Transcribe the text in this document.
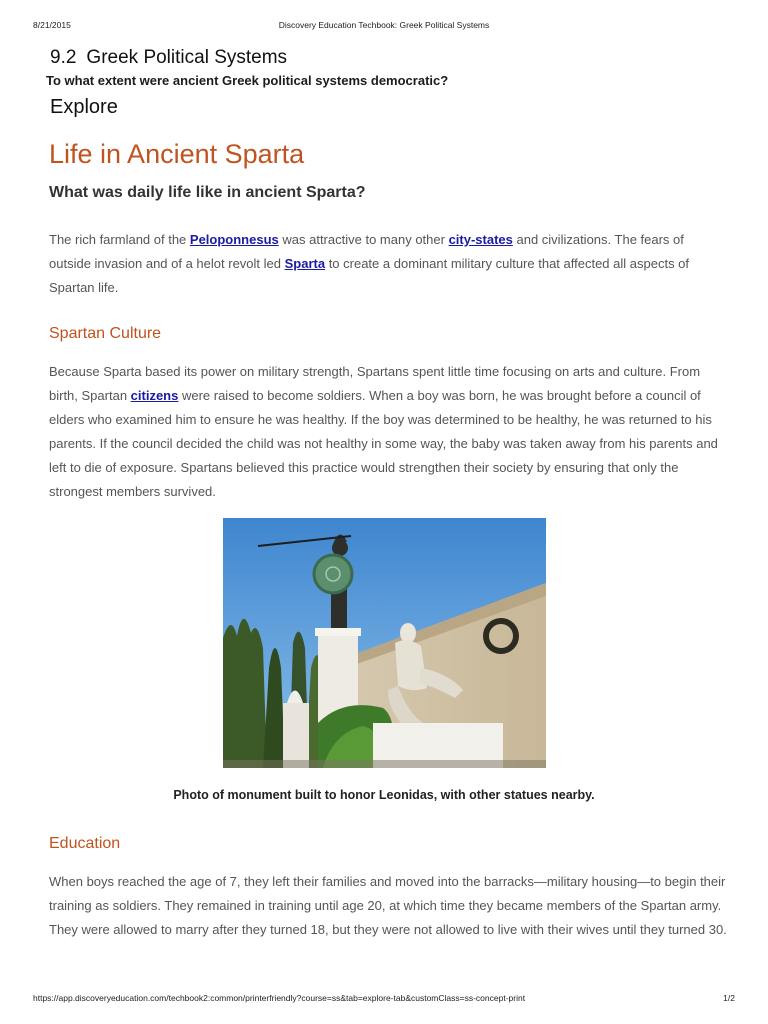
8/21/2015	Discovery Education Techbook: Greek Political Systems
9.2 Greek Political Systems

To what extent were ancient Greek political systems democratic?

Explore
Life in Ancient Sparta
What was daily life like in ancient Sparta?

The rich farmland of the Peloponnesus was attractive to many other city-states and civilizations. The fears of outside invasion and of a helot revolt led Sparta to create a dominant military culture that affected all aspects of Spartan life.

Spartan Culture

Because Sparta based its power on military strength, Spartans spent little time focusing on arts and culture. From birth, Spartan citizens were raised to become soldiers. When a boy was born, he was brought before a council of elders who examined him to ensure he was healthy. If the boy was determined to be healthy, he was returned to his parents. If the council decided the child was not healthy in some way, the baby was taken away from his parents and left to die of exposure. Spartans believed this practice would strengthen their society by ensuring that only the strongest members survived.

Photo of monument built to honor Leonidas, with other statues nearby.

Education

When boys reached the age of 7, they left their families and moved into the barracks—military housing—to begin their training as soldiers. They remained in training until age 20, at which time they became members of the Spartan army. They were allowed to marry after they turned 18, but they were not allowed to live with their wives until they turned 30.

https://app.discoveryeducation.com/techbook2:common/printerfriendly?course=ss&tab=explore-tab&customClass=ss-concept-print	1/2
